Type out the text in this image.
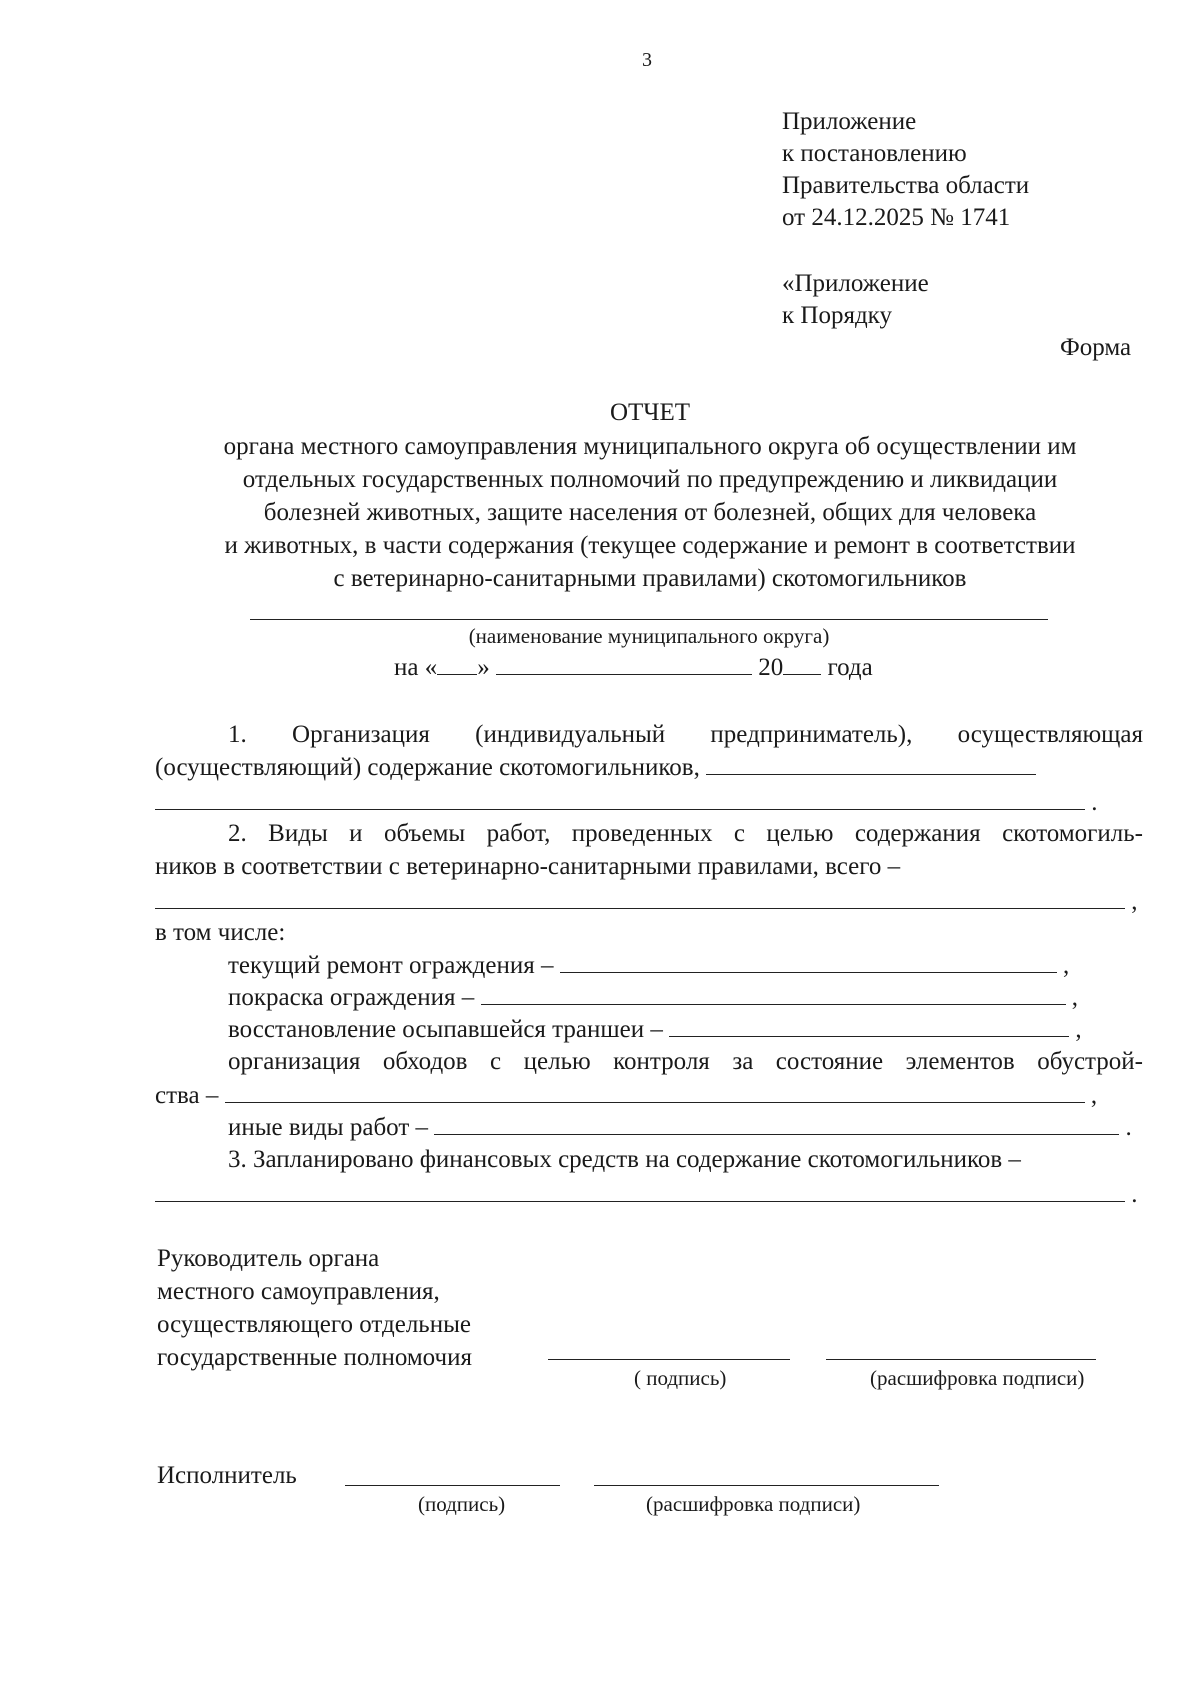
3
Приложение
к постановлению
Правительства области
от 24.12.2025 № 1741
«Приложение
к Порядку
Форма
ОТЧЕТ
органа местного самоуправления муниципального округа об осуществлении им
отдельных государственных полномочий по предупреждению и ликвидации
болезней животных, защите населения от болезней, общих для человека
и животных, в части содержания (текущее содержание и ремонт в соответствии
с ветеринарно-санитарными правилами) скотомогильников
(наименование муниципального округа)
на « »	20 года
1. Организация (индивидуальный предприниматель), осуществляющая
(осуществляющий) содержание скотомогильников,
.
2. Виды и объемы работ, проведенных с целью содержания скотомогиль-
ников в соответствии с ветеринарно-санитарными правилами, всего –
,
в том числе:
текущий ремонт ограждения –	,
покраска ограждения –	,
восстановление осыпавшейся траншеи –	,
организация обходов с целью контроля за состояние элементов обустрой-
ства –	,
иные виды работ –	.
3. Запланировано финансовых средств на содержание скотомогильников –
.
Руководитель органа
местного самоуправления,
осуществляющего отдельные
государственные полномочия
( подпись)	(расшифровка подписи)
Исполнитель
(подпись)	(расшифровка подписи)
